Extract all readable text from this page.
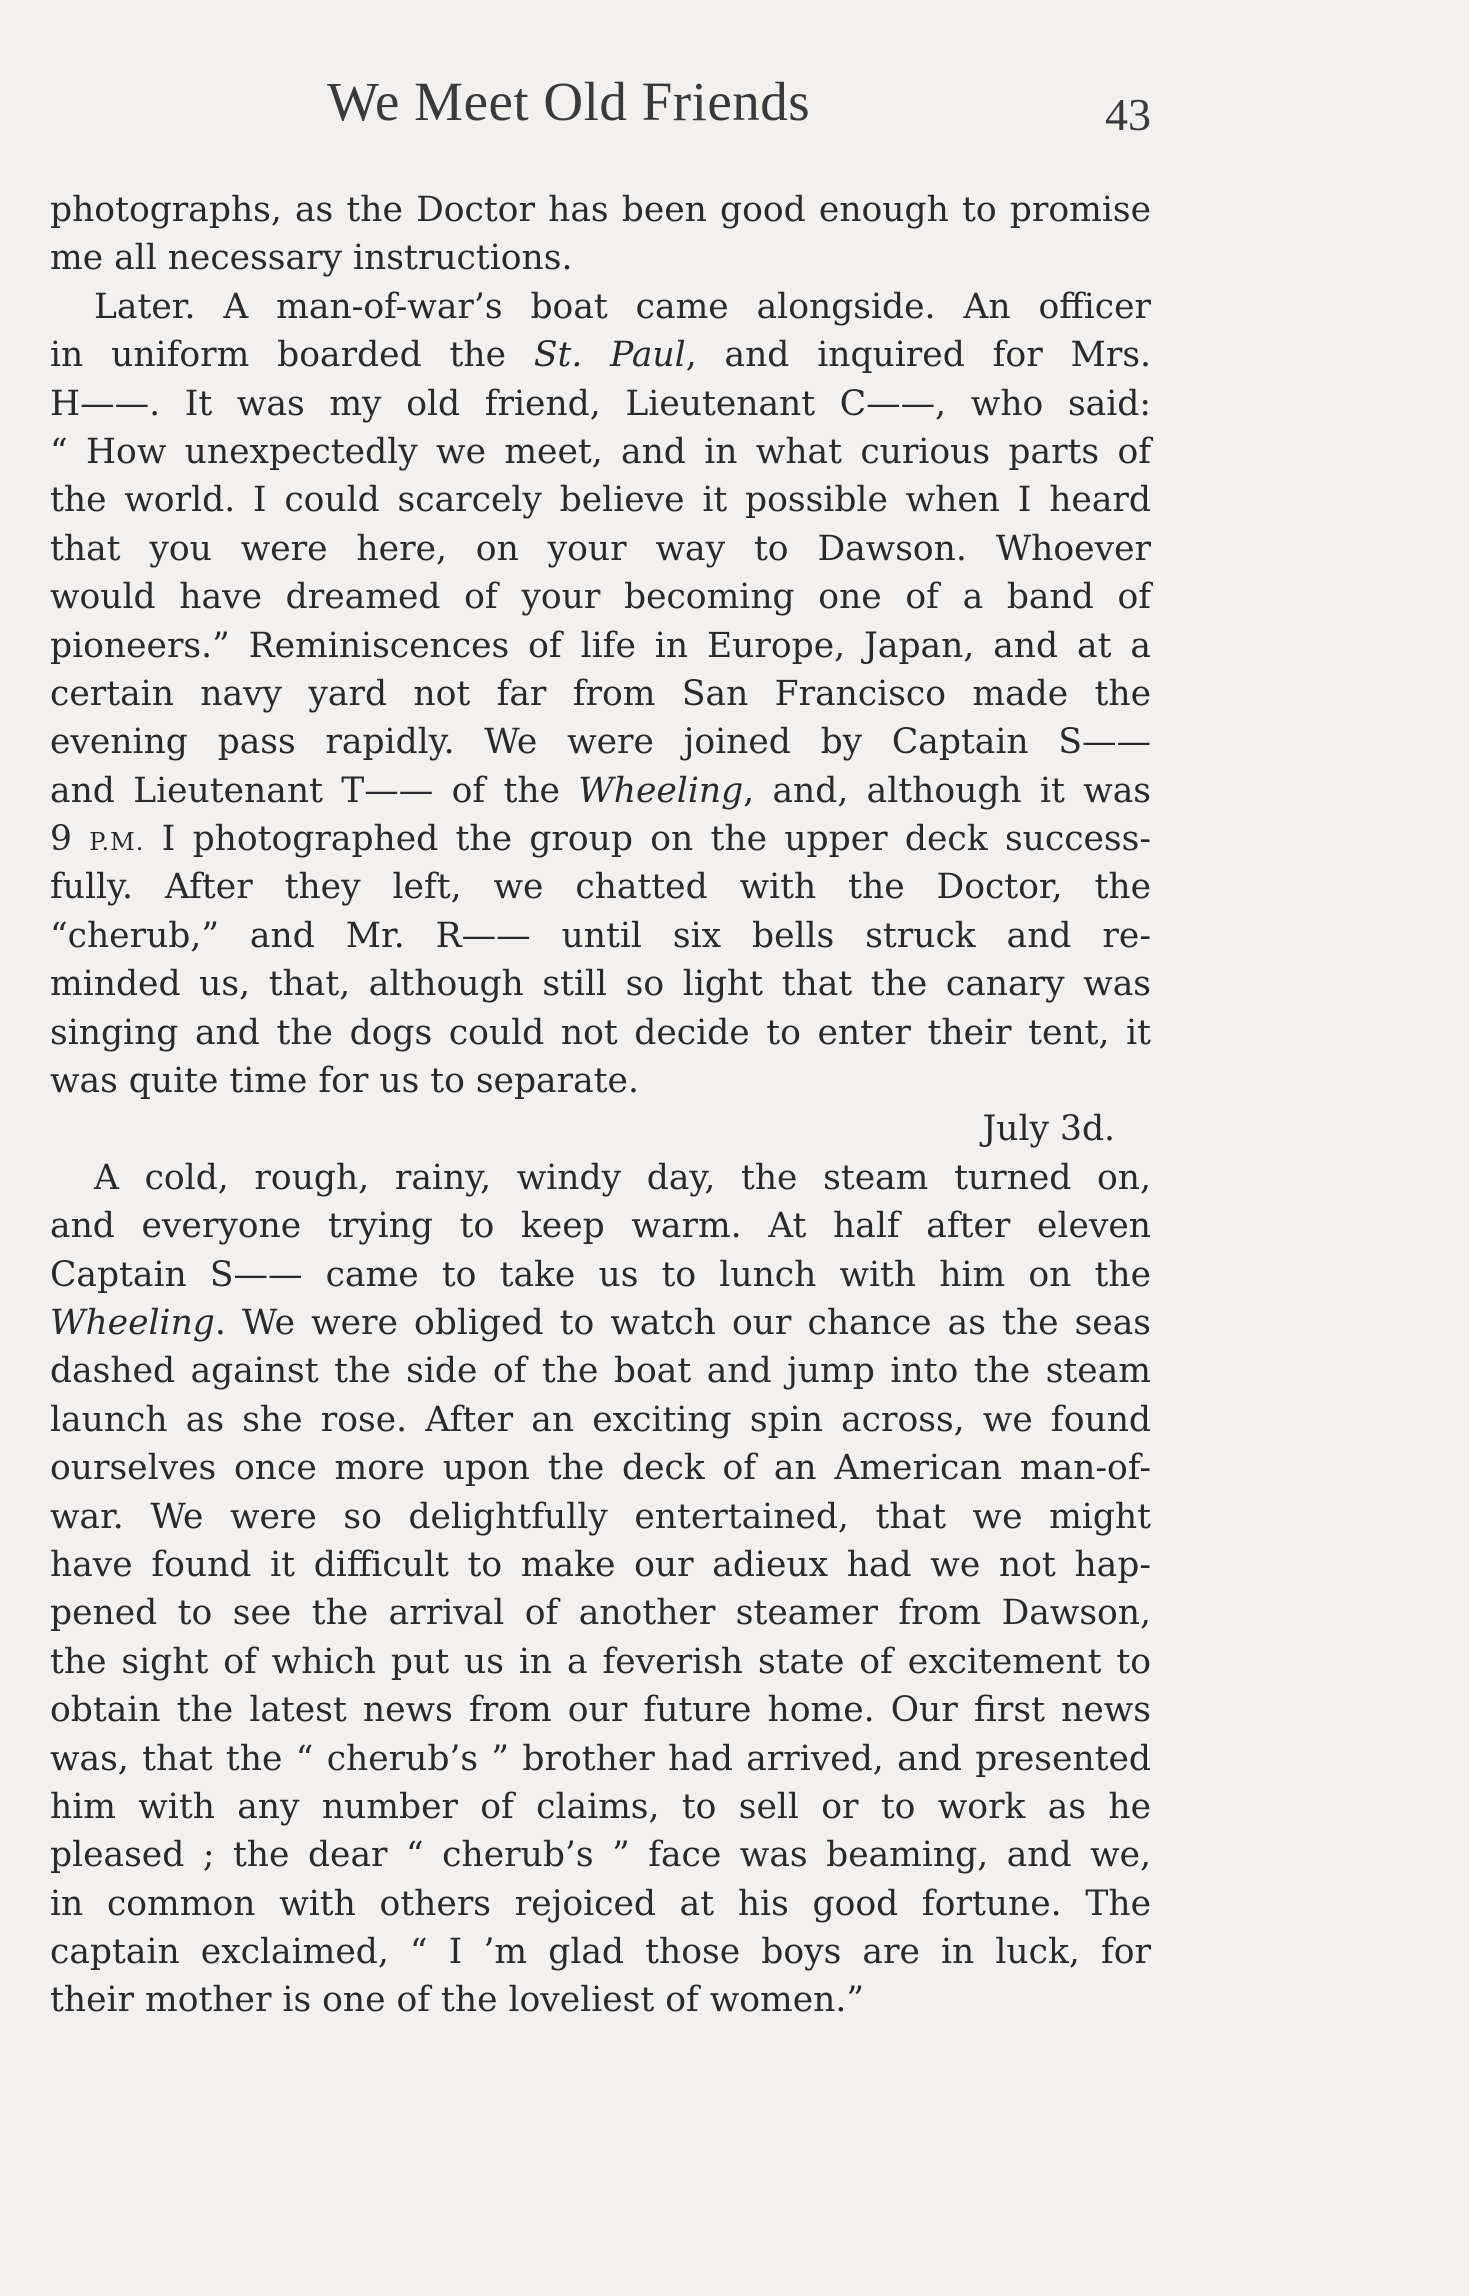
We Meet Old Friends	43
photographs, as the Doctor has been good enough to promise
me all necessary instructions.
Later. A man-of-war’s boat came alongside. An officer
in uniform boarded the St. Paul, and inquired for Mrs.
H——. It was my old friend, Lieutenant C——, who said:
“ How unexpectedly we meet, and in what curious parts of
the world. I could scarcely believe it possible when I heard
that you were here, on your way to Dawson. Whoever
would have dreamed of your becoming one of a band of
pioneers.” Reminiscences of life in Europe, Japan, and at a
certain navy yard not far from San Francisco made the
evening pass rapidly. We were joined by Captain S——
and Lieutenant T—— of the Wheeling, and, although it was
9 P.M. I photographed the group on the upper deck success-
fully. After they left, we chatted with the Doctor, the
“cherub,” and Mr. R—— until six bells struck and re-
minded us, that, although still so light that the canary was
singing and the dogs could not decide to enter their tent, it
was quite time for us to separate.
July 3d.
A cold, rough, rainy, windy day, the steam turned on,
and everyone trying to keep warm. At half after eleven
Captain S—— came to take us to lunch with him on the
Wheeling. We were obliged to watch our chance as the seas
dashed against the side of the boat and jump into the steam
launch as she rose. After an exciting spin across, we found
ourselves once more upon the deck of an American man-of-
war. We were so delightfully entertained, that we might
have found it difficult to make our adieux had we not hap-
pened to see the arrival of another steamer from Dawson,
the sight of which put us in a feverish state of excitement to
obtain the latest news from our future home. Our first news
was, that the “ cherub’s ” brother had arrived, and presented
him with any number of claims, to sell or to work as he
pleased ; the dear “ cherub’s ” face was beaming, and we,
in common with others rejoiced at his good fortune. The
captain exclaimed, “ I ’m glad those boys are in luck, for
their mother is one of the loveliest of women.”
